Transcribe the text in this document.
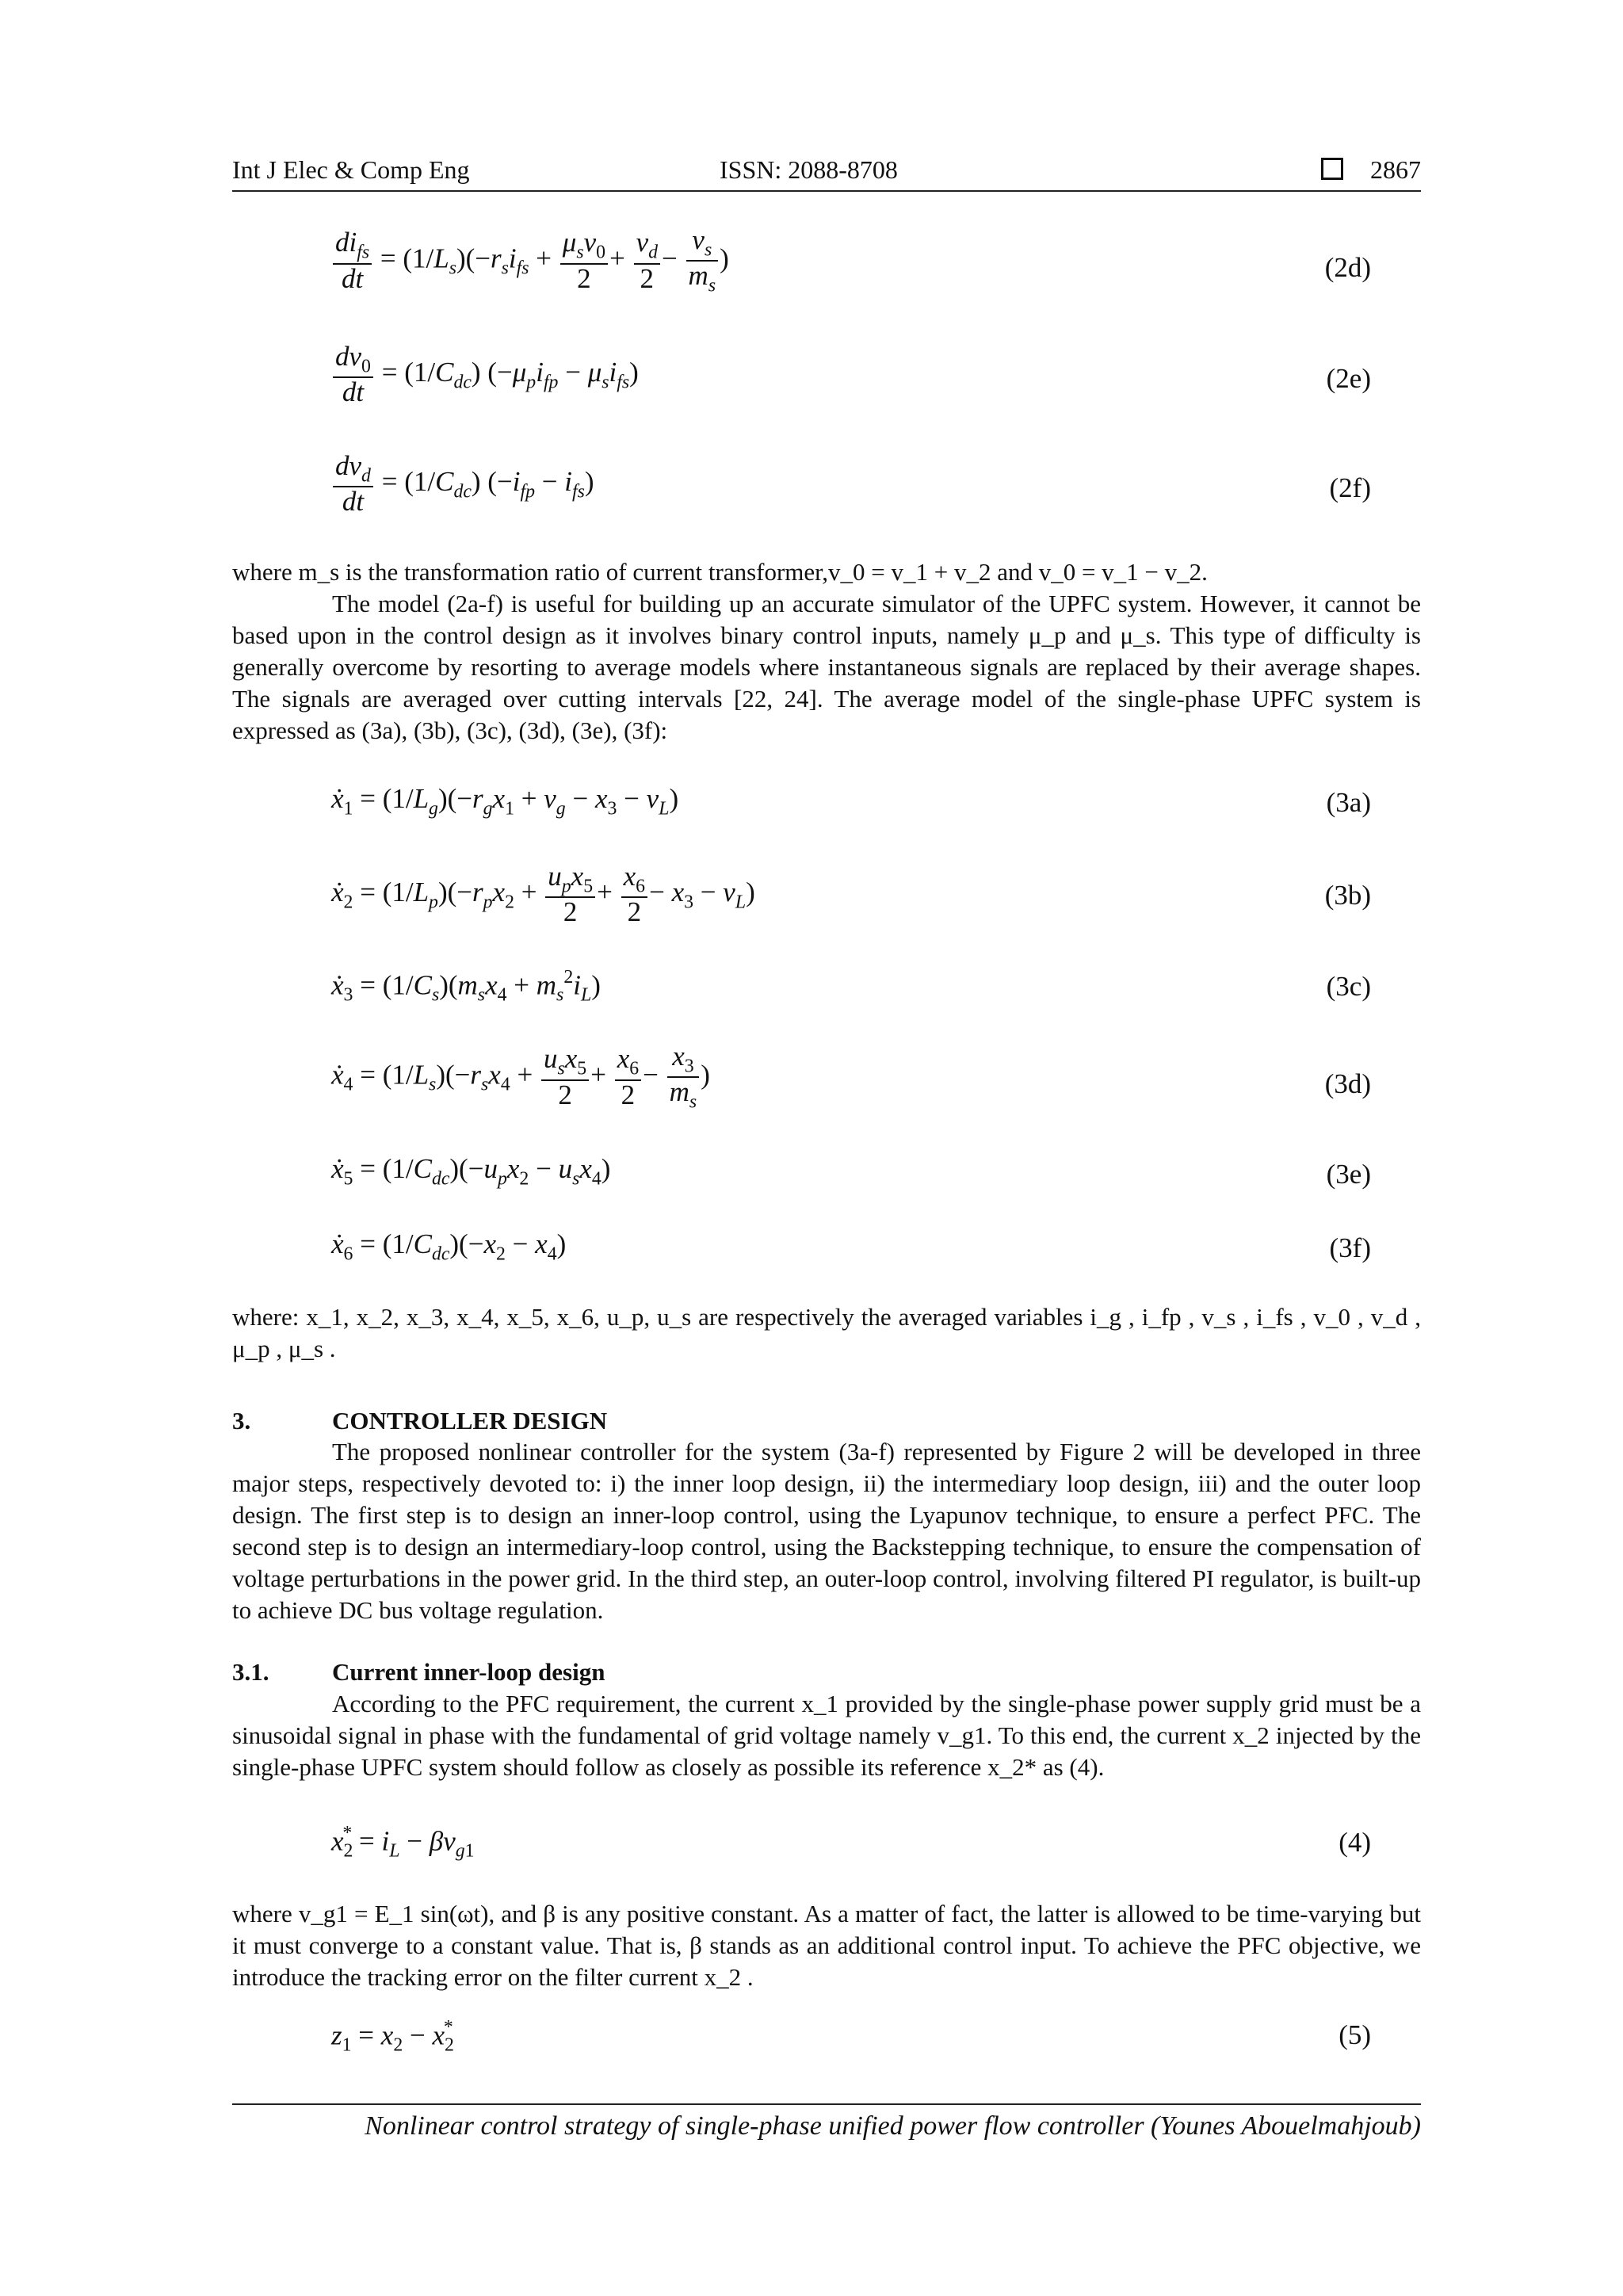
Int J Elec & Comp Eng	ISSN: 2088-8708	2867
$\frac{di_{fs}}{dt} = (1/L_s)(-r_si_{fs} + \frac{\mu_sv_0}{2} + \frac{v_d}{2} - \frac{v_s}{m_s}$ )	(2d)
$\frac{dv_0}{dt} = (1/C_{dc}) (-\mu_pi_{fp} - \mu_si_{fs})$	(2e)
$\frac{dv_d}{dt} = (1/C_{dc}) (-i_{fp} - i_{fs})$	(2f)
where m_s is the transformation ratio of current transformer,v_0 = v_1 + v_2 and v_0 = v_1 − v_2.
The model (2a-f) is useful for building up an accurate simulator of the UPFC system. However, it cannot be based upon in the control design as it involves binary control inputs, namely μ_p and μ_s. This type of difficulty is generally overcome by resorting to average models where instantaneous signals are replaced by their average shapes. The signals are averaged over cutting intervals [22, 24]. The average model of the single-phase UPFC system is expressed as (3a), (3b), (3c), (3d), (3e), (3f):
ẋ$_1$ = $(1/L_g)(-r_gx_1 + v_g - x_3 - v_L)$	(3a)
ẋ$_2$ = $(1/L_p)(-r_px_2 + \frac{u_px_5}{2} + \frac{x_6}{2} - x_3 - v_L)$	(3b)
ẋ$_3$ = $(1/C_s)(m_sx_4 + m_s^2i_L)$	(3c)
ẋ$_4$ = $(1/L_s)(-r_sx_4 + \frac{u_sx_5}{2} + \frac{x_6}{2} - \frac{x_3}{m_s}$ )	(3d)
ẋ$_5$ = $(1/C_{dc})(-u_px_2 - u_sx_4)$	(3e)
ẋ$_6$ = $(1/C_{dc})(-x_2 - x_4)$	(3f)
where: x_1, x_2, x_3, x_4, x_5, x_6, u_p, u_s are respectively the averaged variables i_g , i_fp , v_s , i_fs , v_0 , v_d , μ_p , μ_s .
3.	CONTROLLER DESIGN
The proposed nonlinear controller for the system (3a-f) represented by Figure 2 will be developed in three major steps, respectively devoted to: i) the inner loop design, ii) the intermediary loop design, iii) and the outer loop design. The first step is to design an inner-loop control, using the Lyapunov technique, to ensure a perfect PFC. The second step is to design an intermediary-loop control, using the Backstepping technique, to ensure the compensation of voltage perturbations in the power grid. In the third step, an outer-loop control, involving filtered PI regulator, is built-up to achieve DC bus voltage regulation.
3.1.	Current inner-loop design
According to the PFC requirement, the current x_1 provided by the single-phase power supply grid must be a sinusoidal signal in phase with the fundamental of grid voltage namely v_g1. To this end, the current x_2 injected by the single-phase UPFC system should follow as closely as possible its reference x_2* as (4).
$x_2^* = i_L - \beta v_{g1}$	(4)
where v_g1 = E_1 sin(ωt), and β is any positive constant. As a matter of fact, the latter is allowed to be time-varying but it must converge to a constant value. That is, β stands as an additional control input. To achieve the PFC objective, we introduce the tracking error on the filter current x_2 .
$z_1 = x_2 - x_2^*$	(5)
Nonlinear control strategy of single-phase unified power flow controller (Younes Abouelmahjoub)
